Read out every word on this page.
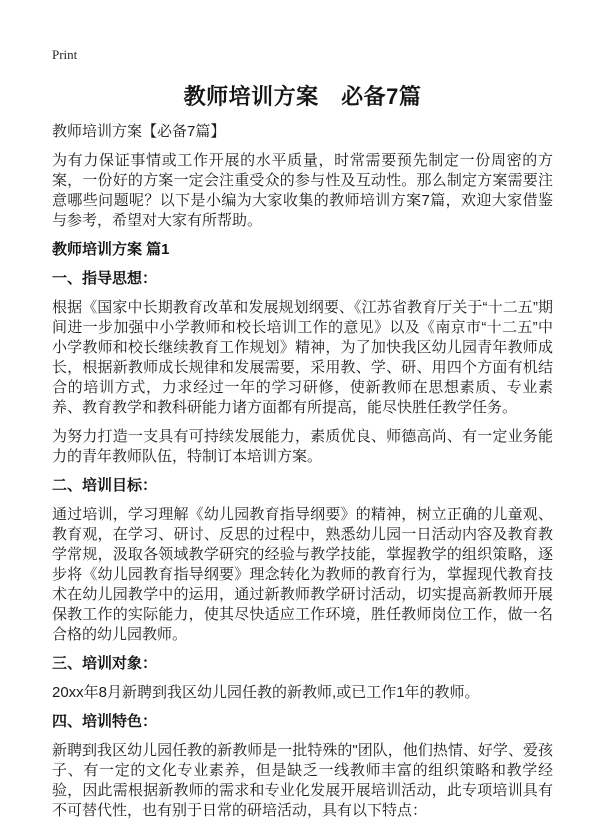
Print
教师培训方案　必备7篇

教师培训方案【必备7篇】

为有力保证事情或工作开展的水平质量，时常需要预先制定一份周密的方案，一份好的方案一定会注重受众的参与性及互动性。那么制定方案需要注意哪些问题呢？以下是小编为大家收集的教师培训方案7篇，欢迎大家借鉴与参考，希望对大家有所帮助。

教师培训方案 篇1
一、指导思想：

根据《国家中长期教育改革和发展规划纲要、《江苏省教育厅关于“十二五”期间进一步加强中小学教师和校长培训工作的意见》以及《南京市“十二五”中小学教师和校长继续教育工作规划》精神，为了加快我区幼儿园青年教师成长，根据新教师成长规律和发展需要，采用教、学、研、用四个方面有机结合的培训方式，力求经过一年的学习研修，使新教师在思想素质、专业素养、教育教学和教科研能力诸方面都有所提高，能尽快胜任教学任务。

为努力打造一支具有可持续发展能力，素质优良、师德高尚、有一定业务能力的青年教师队伍，特制订本培训方案。

二、培训目标：

通过培训，学习理解《幼儿园教育指导纲要》的精神，树立正确的儿童观、教育观，在学习、研讨、反思的过程中，熟悉幼儿园一日活动内容及教育教学常规，汲取各领域教学研究的经验与教学技能，掌握教学的组织策略，逐步将《幼儿园教育指导纲要》理念转化为教师的教育行为，掌握现代教育技术在幼儿园教学中的运用，通过新教师教学研讨活动，切实提高新教师开展保教工作的实际能力，使其尽快适应工作环境，胜任教师岗位工作，做一名合格的幼儿园教师。

三、培训对象：

20xx年8月新聘到我区幼儿园任教的新教师,或已工作1年的教师。

四、培训特色：

新聘到我区幼儿园任教的新教师是一批特殊的"团队，他们热情、好学、爱孩子、有一定的文化专业素养，但是缺乏一线教师丰富的组织策略和教学经验，因此需根据新教师的需求和专业化发展开展培训活动，此专项培训具有不可替代性，也有别于日常的研培活动，具有以下特点：
